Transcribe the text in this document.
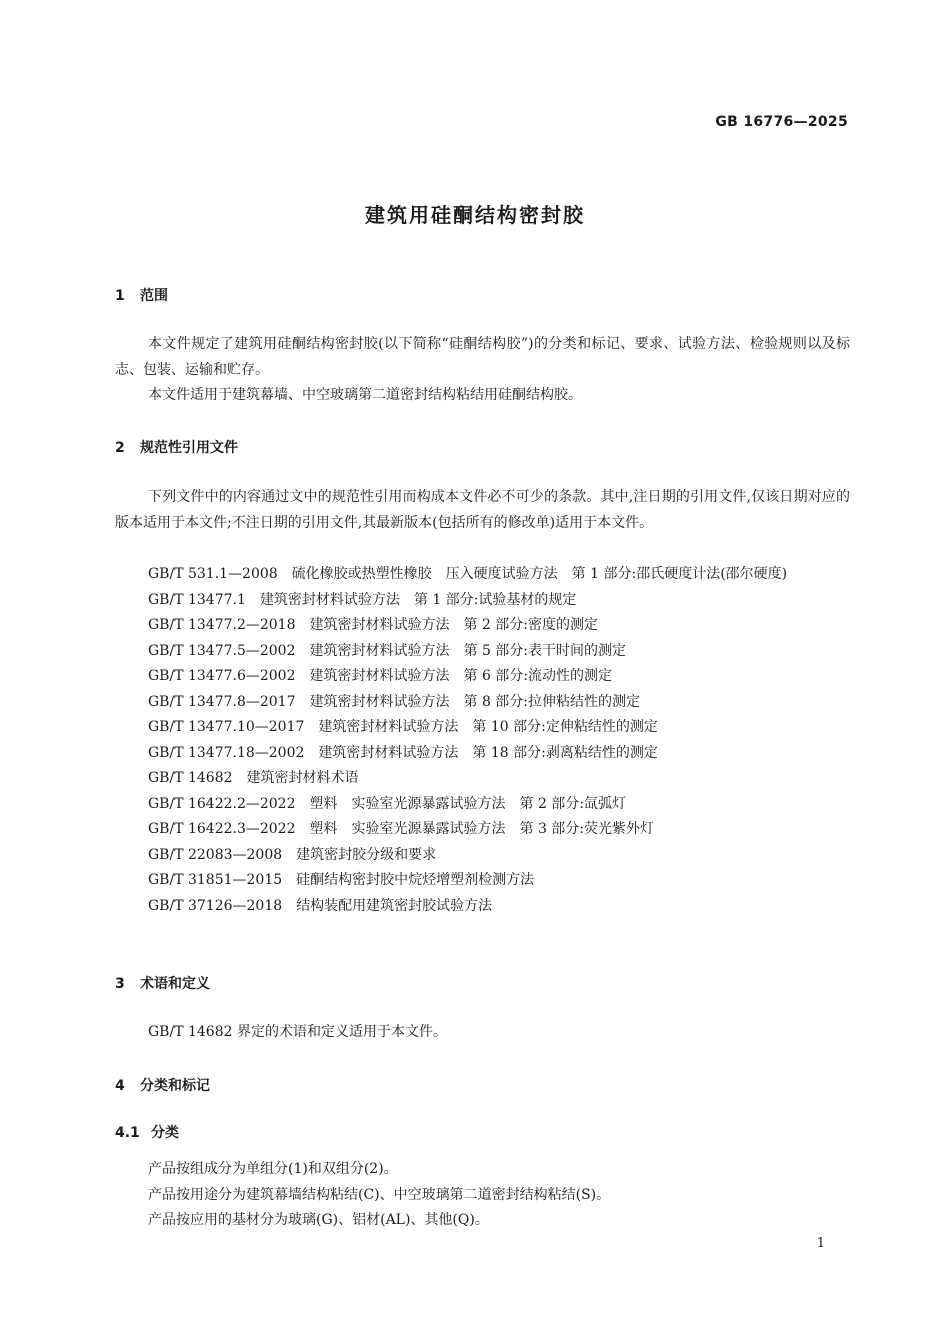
GB 16776—2025
建筑用硅酮结构密封胶
1 范围

本文件规定了建筑用硅酮结构密封胶(以下简称“硅酮结构胶”)的分类和标记、要求、试验方法、检验规则以及标志、包装、运输和贮存。

本文件适用于建筑幕墙、中空玻璃第二道密封结构粘结用硅酮结构胶。

2 规范性引用文件

下列文件中的内容通过文中的规范性引用而构成本文件必不可少的条款。其中,注日期的引用文件,仅该日期对应的版本适用于本文件;不注日期的引用文件,其最新版本(包括所有的修改单)适用于本文件。

GB/T 531.1—2008 硫化橡胶或热塑性橡胶　压入硬度试验方法　第 1 部分:邵氏硬度计法(邵尔硬度)
GB/T 13477.1 建筑密封材料试验方法　第 1 部分:试验基材的规定
GB/T 13477.2—2018 建筑密封材料试验方法　第 2 部分:密度的测定
GB/T 13477.5—2002 建筑密封材料试验方法　第 5 部分:表干时间的测定
GB/T 13477.6—2002 建筑密封材料试验方法　第 6 部分:流动性的测定
GB/T 13477.8—2017 建筑密封材料试验方法　第 8 部分:拉伸粘结性的测定
GB/T 13477.10—2017 建筑密封材料试验方法　第 10 部分:定伸粘结性的测定
GB/T 13477.18—2002 建筑密封材料试验方法　第 18 部分:剥离粘结性的测定
GB/T 14682 建筑密封材料术语
GB/T 16422.2—2022 塑料　实验室光源暴露试验方法　第 2 部分:氙弧灯
GB/T 16422.3—2022 塑料　实验室光源暴露试验方法　第 3 部分:荧光紫外灯
GB/T 22083—2008 建筑密封胶分级和要求
GB/T 31851—2015 硅酮结构密封胶中烷烃增塑剂检测方法
GB/T 37126—2018 结构装配用建筑密封胶试验方法
3 术语和定义

GB/T 14682 界定的术语和定义适用于本文件。

4 分类和标记
4.1 分类
产品按组成分为单组分(1)和双组分(2)。
产品按用途分为建筑幕墙结构粘结(C)、中空玻璃第二道密封结构粘结(S)。
产品按应用的基材分为玻璃(G)、铝材(AL)、其他(Q)。
1
